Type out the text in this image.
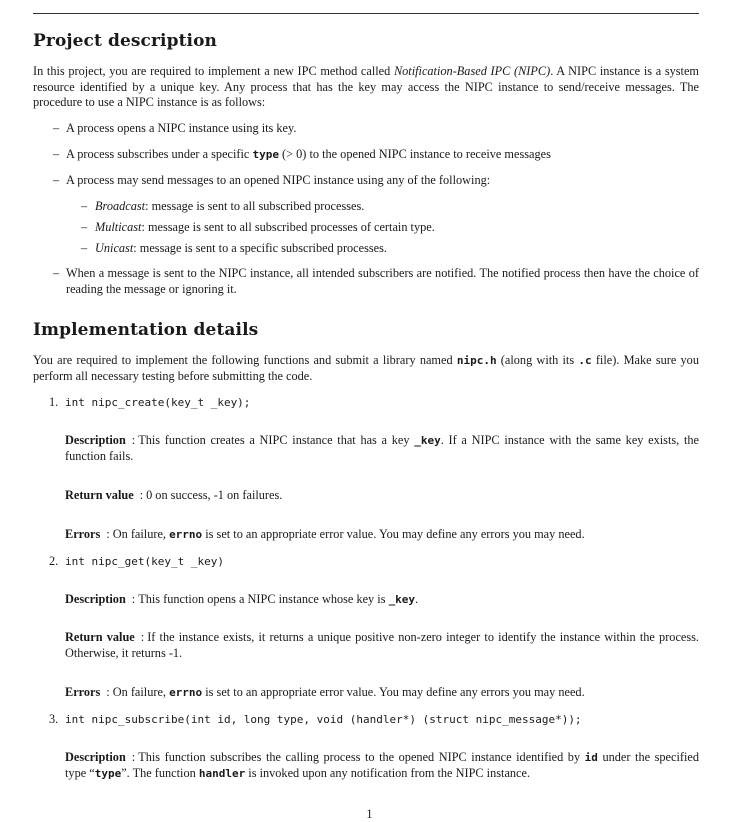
Project description

In this project, you are required to implement a new IPC method called Notification-Based IPC (NIPC). A NIPC instance is a system resource identified by a unique key. Any process that has the key may access the NIPC instance to send/receive messages. The procedure to use a NIPC instance is as follows:

– A process opens a NIPC instance using its key.
– A process subscribes under a specific type (> 0) to the opened NIPC instance to receive messages
– A process may send messages to an opened NIPC instance using any of the following:
– Broadcast: message is sent to all subscribed processes.
– Multicast: message is sent to all subscribed processes of certain type.
– Unicast: message is sent to a specific subscribed processes.
– When a message is sent to the NIPC instance, all intended subscribers are notified. The notified process then have the choice of reading the message or ignoring it.
Implementation details

You are required to implement the following functions and submit a library named nipc.h (along with its .c file). Make sure you perform all necessary testing before submitting the code.

1. int nipc_create(key_t _key);
Description : This function creates a NIPC instance that has a key _key. If a NIPC instance with the same key exists, the function fails.
Return value : 0 on success, -1 on failures.
Errors : On failure, errno is set to an appropriate error value. You may define any errors you may need.
2. int nipc_get(key_t _key)
Description : This function opens a NIPC instance whose key is _key.
Return value : If the instance exists, it returns a unique positive non-zero integer to identify the instance within the process. Otherwise, it returns -1.
Errors : On failure, errno is set to an appropriate error value. You may define any errors you may need.
3. int nipc_subscribe(int id, long type, void (handler*) (struct nipc_message*));
Description : This function subscribes the calling process to the opened NIPC instance identified by id under the specified type “type”. The function handler is invoked upon any notification from the NIPC instance.
1
